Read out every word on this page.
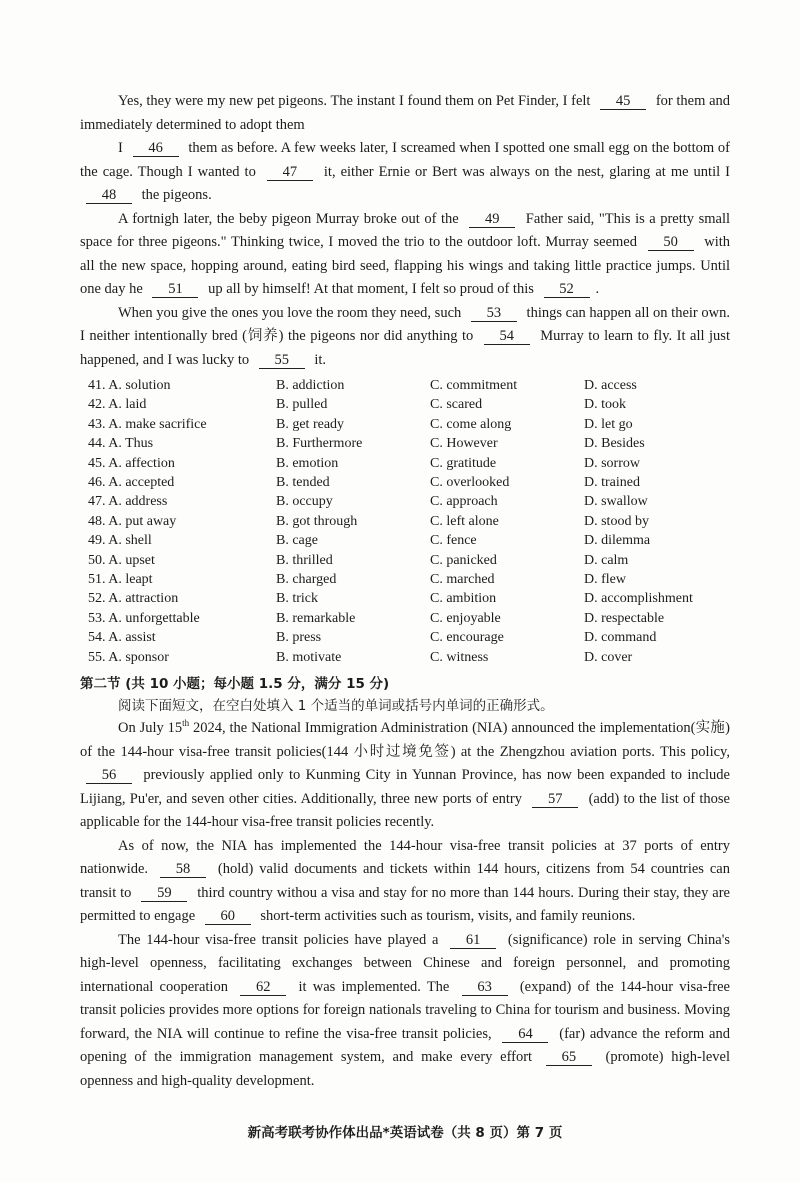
Yes, they were my new pet pigeons. The instant I found them on Pet Finder, I felt 45 for them and immediately determined to adopt them
I 46 them as before. A few weeks later, I screamed when I spotted one small egg on the bottom of the cage. Though I wanted to 47 it, either Ernie or Bert was always on the nest, glaring at me until I 48 the pigeons.
A fortnigh later, the beby pigeon Murray broke out of the 49 Father said, "This is a pretty small space for three pigeons." Thinking twice, I moved the trio to the outdoor loft. Murray seemed 50 with all the new space, hopping around, eating bird seed, flapping his wings and taking little practice jumps. Until one day he 51 up all by himself! At that moment, I felt so proud of this 52 .
When you give the ones you love the room they need, such 53 things can happen all on their own. I neither intentionally bred (饲养) the pigeons nor did anything to 54 Murray to learn to fly. It all just happened, and I was lucky to 55 it.
41. A. solution	B. addiction	C. commitment	D. access
42. A. laid	B. pulled	C. scared	D. took
43. A. make sacrifice	B. get ready	C. come along	D. let go
44. A. Thus	B. Furthermore	C. However	D. Besides
45. A. affection	B. emotion	C. gratitude	D. sorrow
46. A. accepted	B. tended	C. overlooked	D. trained
47. A. address	B. occupy	C. approach	D. swallow
48. A. put away	B. got through	C. left alone	D. stood by
49. A. shell	B. cage	C. fence	D. dilemma
50. A. upset	B. thrilled	C. panicked	D. calm
51. A. leapt	B. charged	C. marched	D. flew
52. A. attraction	B. trick	C. ambition	D. accomplishment
53. A. unforgettable	B. remarkable	C. enjoyable	D. respectable
54. A. assist	B. press	C. encourage	D. command
55. A. sponsor	B. motivate	C. witness	D. cover
第二节 (共 10 小题；每小题 1.5 分，满分 15 分)
阅读下面短文，在空白处填入 1 个适当的单词或括号内单词的正确形式。
On July 15th 2024, the National Immigration Administration (NIA) announced the implementation(实施) of the 144-hour visa-free transit policies(144 小时过境免签) at the Zhengzhou aviation ports. This policy, 56 previously applied only to Kunming City in Yunnan Province, has now been expanded to include Lijiang, Pu'er, and seven other cities. Additionally, three new ports of entry 57 (add) to the list of those applicable for the 144-hour visa-free transit policies recently.
As of now, the NIA has implemented the 144-hour visa-free transit policies at 37 ports of entry nationwide. 58 (hold) valid documents and tickets within 144 hours, citizens from 54 countries can transit to 59 third country withou a visa and stay for no more than 144 hours. During their stay, they are permitted to engage 60 short-term activities such as tourism, visits, and family reunions.
The 144-hour visa-free transit policies have played a 61 (significance) role in serving China's high-level openness, facilitating exchanges between Chinese and foreign personnel, and promoting international cooperation 62 it was implemented. The 63 (expand) of the 144-hour visa-free transit policies provides more options for foreign nationals traveling to China for tourism and business. Moving forward, the NIA will continue to refine the visa-free transit policies, 64 (far) advance the reform and opening of the immigration management system, and make every effort 65 (promote) high-level openness and high-quality development.
新高考联考协作体出品*英语试卷（共 8 页）第 7 页
